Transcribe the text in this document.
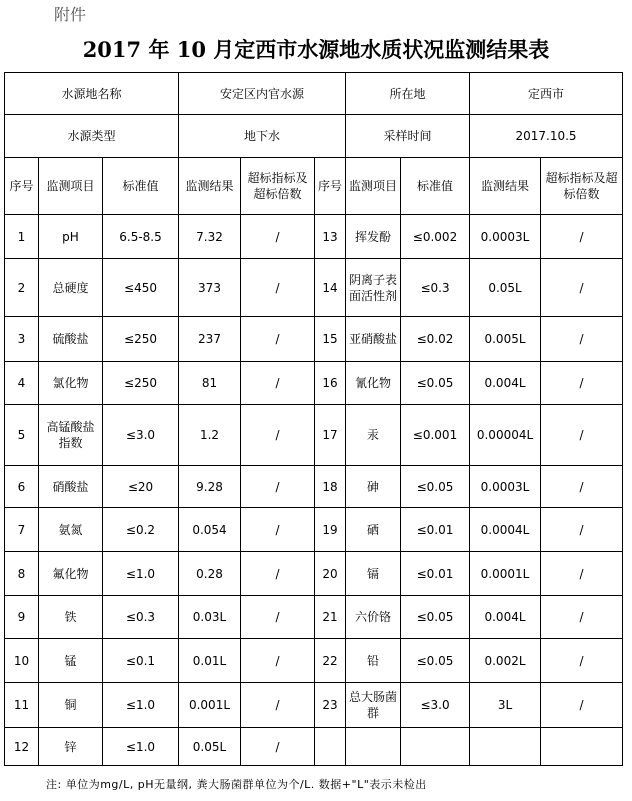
附件
2017 年 10 月定西市水源地水质状况监测结果表
水源地名称			安定区内官水源			所在地		定西市	
水源类型			地下水			采样时间		2017.10.5	
序号	监测项目	标准值	监测结果	超标指标及超标倍数	序号	监测项目	标准值	监测结果	超标指标及超标倍数
1	pH	6.5-8.5	7.32	/	13	挥发酚	≤0.002	0.0003L	/
2	总硬度	≤450	373	/	14	阴离子表面活性剂	≤0.3	0.05L	/
3	硫酸盐	≤250	237	/	15	亚硝酸盐	≤0.02	0.005L	/
4	氯化物	≤250	81	/	16	氰化物	≤0.05	0.004L	/
5	高锰酸盐指数	≤3.0	1.2	/	17	汞	≤0.001	0.00004L	/
6	硝酸盐	≤20	9.28	/	18	砷	≤0.05	0.0003L	/
7	氨氮	≤0.2	0.054	/	19	硒	≤0.01	0.0004L	/
8	氟化物	≤1.0	0.28	/	20	镉	≤0.01	0.0001L	/
9	铁	≤0.3	0.03L	/	21	六价铬	≤0.05	0.004L	/
10	锰	≤0.1	0.01L	/	22	铅	≤0.05	0.002L	/
11	铜	≤1.0	0.001L	/	23	总大肠菌群	≤3.0	3L	/
12	锌	≤1.0	0.05L	/					
注: 单位为mg/L, pH无量纲, 粪大肠菌群单位为个/L. 数据+"L"表示未检出
